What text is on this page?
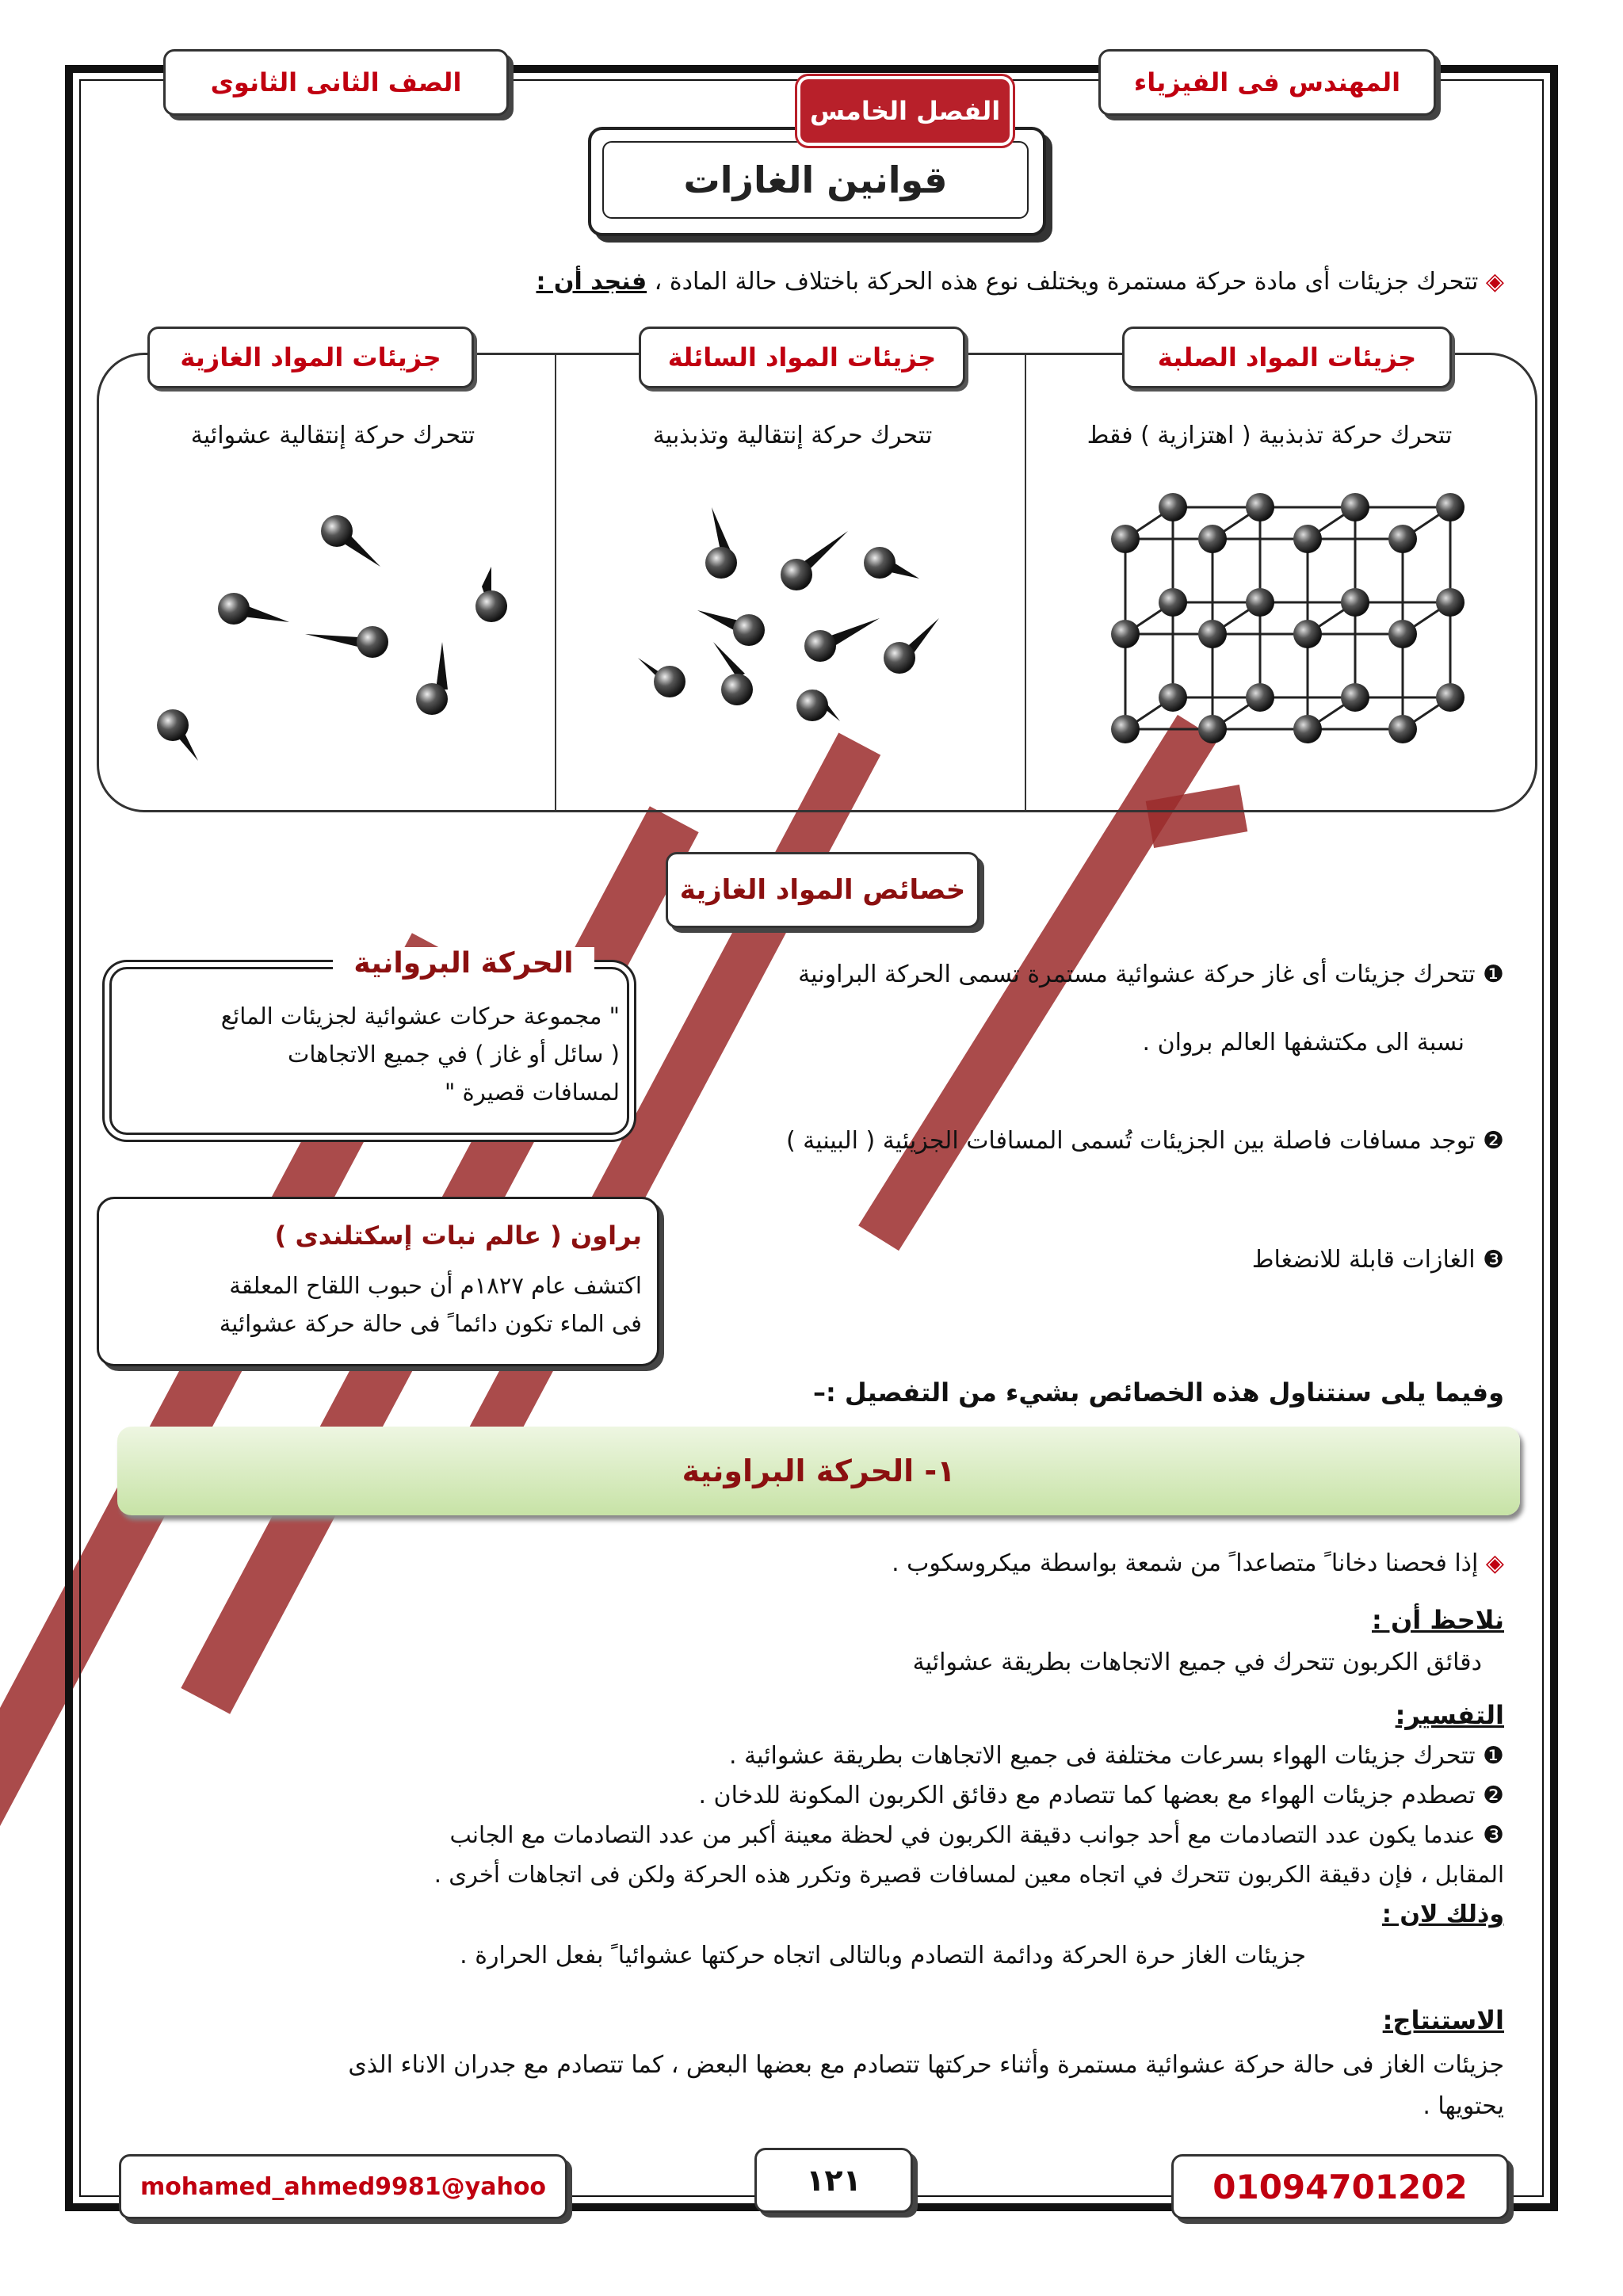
المهندس فى الفيزياء
الصف الثانى الثانوى
قوانين الغازات
الفصل الخامس
◈ تتحرك جزيئات أى مادة حركة مستمرة ويختلف نوع هذه الحركة باختلاف حالة المادة ، فنجد أن :
جزيئات المواد الصلبة
جزيئات المواد السائلة
جزيئات المواد الغازية
تتحرك حركة تذبذبية ( اهتزازية ) فقط
تتحرك حركة إنتقالية وتذبذبية
تتحرك حركة إنتقالية عشوائية
خصائص المواد الغازية
❶ تتحرك جزيئات أى غاز حركة عشوائية مستمرة تسمى الحركة البراونية
نسبة الى مكتشفها العالم بروان .
❷ توجد مسافات فاصلة بين الجزيئات تُسمى المسافات الجزيئية ( البينية )
❸ الغازات قابلة للانضغاط
الحركة البروانية
" مجموعة حركات عشوائية لجزيئات المائع
( سائل أو غاز ) في جميع الاتجاهات
لمسافات قصيرة "
براون ( عالم نبات إسكتلندى )
اكتشف عام ١٨٢٧م أن حبوب اللقاح المعلقة
فى الماء تكون دائما ً فى حالة حركة عشوائية
وفيما يلى سنتناول هذه الخصائص بشيء من التفصيل :–
١- الحركة البراونية
◈ إذا فحصنا دخانا ً متصاعدا ً من شمعة بواسطة ميكروسكوب .
نلاحظ أن :
دقائق الكربون تتحرك في جميع الاتجاهات بطريقة عشوائية
التفسير:
❶ تتحرك جزيئات الهواء بسرعات مختلفة فى جميع الاتجاهات بطريقة عشوائية .
❷ تصطدم جزيئات الهواء مع بعضها كما تتصادم مع دقائق الكربون المكونة للدخان .
❸ عندما يكون عدد التصادمات مع أحد جوانب دقيقة الكربون في لحظة معينة أكبر من عدد التصادمات مع الجانب
المقابل ، فإن دقيقة الكربون تتحرك في اتجاه معين لمسافات قصيرة وتكرر هذه الحركة ولكن فى اتجاهات أخرى .
وذلك لان :
جزيئات الغاز حرة الحركة ودائمة التصادم وبالتالى اتجاه حركتها عشوائيا ً بفعل الحرارة .
الاستنتاج:
جزيئات الغاز فى حالة حركة عشوائية مستمرة وأثناء حركتها تتصادم مع بعضها البعض ، كما تتصادم مع جدران الاناء الذى
يحتويها .
01094701202
١٢١
mohamed_ahmed9981@yahoo
